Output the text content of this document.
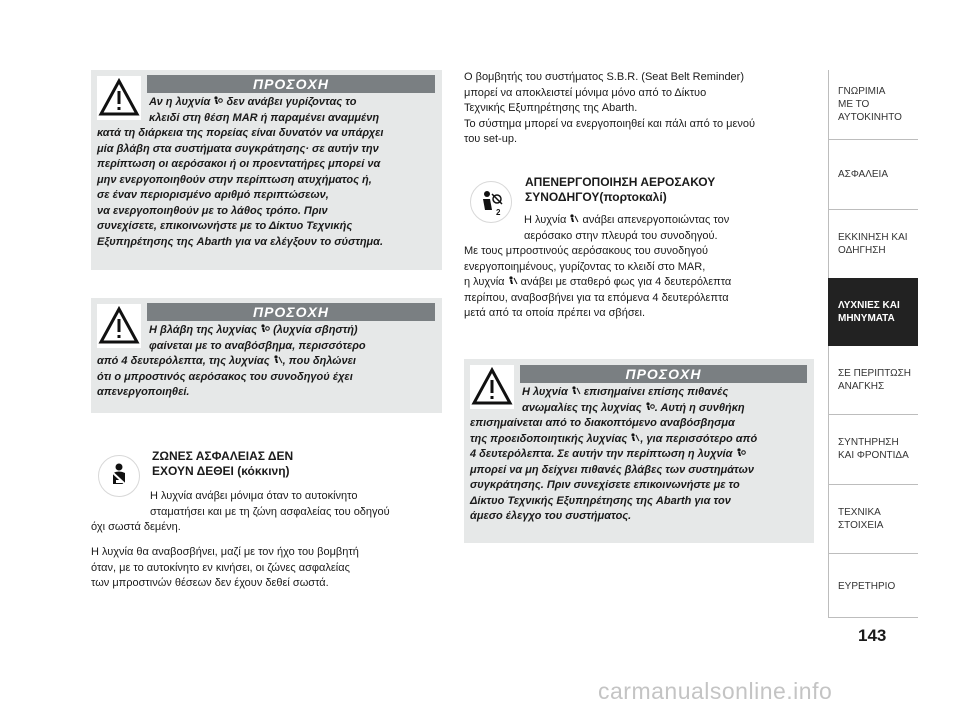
ΠΡΟΣΟΧΗ
Αν η λυχνία δεν ανάβει γυρίζοντας το
κλειδί στη θέση MAR ή παραμένει αναμμένη
κατά τη διάρκεια της πορείας είναι δυνατόν να υπάρχει
μία βλάβη στα συστήματα συγκράτησης· σε αυτήν την
περίπτωση οι αερόσακοι ή οι προεντατήρες μπορεί να
μην ενεργοποιηθούν στην περίπτωση ατυχήματος ή,
σε έναν περιορισμένο αριθμό περιπτώσεων,
να ενεργοποιηθούν με το λάθος τρόπο. Πριν
συνεχίσετε, επικοινωνήστε με το Δίκτυο Τεχνικής
Εξυπηρέτησης της Abarth για να ελέγξουν το σύστημα.
ΠΡΟΣΟΧΗ
Η βλάβη της λυχνίας (λυχνία σβηστή)
φαίνεται με το αναβόσβημα, περισσότερο
από 4 δευτερόλεπτα, της λυχνίας , που δηλώνει
ότι ο μπροστινός αερόσακος του συνοδηγού έχει
απενεργοποιηθεί.
ΖΩΝΕΣ ΑΣΦΑΛΕΙΑΣ ΔΕΝ
ΕΧΟΥΝ ΔΕΘΕΙ (κόκκινη)
Η λυχνία ανάβει μόνιμα όταν το αυτοκίνητο
σταματήσει και με τη ζώνη ασφαλείας του οδηγού
όχι σωστά δεμένη.
Η λυχνία θα αναβοσβήνει, μαζί με τον ήχο του βομβητή
όταν, με το αυτοκίνητο εν κινήσει, οι ζώνες ασφαλείας
των μπροστινών θέσεων δεν έχουν δεθεί σωστά.
Ο βομβητής του συστήματος S.B.R. (Seat Belt Reminder)
μπορεί να αποκλειστεί μόνιμα μόνο από το Δίκτυο
Τεχνικής Εξυπηρέτησης της Abarth.
Το σύστημα μπορεί να ενεργοποιηθεί και πάλι από το μενού
του set-up.
2
ΑΠΕΝΕΡΓΟΠΟΙΗΣΗ ΑΕΡΟΣΑΚΟΥ
ΣΥΝΟΔΗΓΟΥ(πορτοκαλί)
Η λυχνία ανάβει απενεργοποιώντας τον
αερόσακο στην πλευρά του συνοδηγού.
Με τους μπροστινούς αερόσακους του συνοδηγού
ενεργοποιημένους, γυρίζοντας το κλειδί στο MAR,
η λυχνία ανάβει με σταθερό φως για 4 δευτερόλεπτα
περίπου, αναβοσβήνει για τα επόμενα 4 δευτερόλεπτα
μετά από τα οποία πρέπει να σβήσει.
ΠΡΟΣΟΧΗ
Η λυχνία επισημαίνει επίσης πιθανές
ανωμαλίες της λυχνίας . Αυτή η συνθήκη
επισημαίνεται από το διακοπτόμενο αναβόσβησμα
της προειδοποιητικής λυχνίας , για περισσότερο από
4 δευτερόλεπτα. Σε αυτήν την περίπτωση η λυχνία
μπορεί να μη δείχνει πιθανές βλάβες των συστημάτων
συγκράτησης. Πριν συνεχίσετε επικοινωνήστε με το
Δίκτυο Τεχνικής Εξυπηρέτησης της Abarth για τον
άμεσο έλεγχο του συστήματος.
ΓΝΩΡΙΜΙΑ
ΜΕ ΤΟ
ΑΥΤΟΚΙΝΗΤΟ
ΑΣΦΑΛΕΙΑ
ΕΚΚΙΝΗΣΗ ΚΑΙ
ΟΔΗΓΗΣΗ
ΛΥΧΝΙΕΣ ΚΑΙ
ΜΗΝΥΜΑΤΑ
ΣΕ ΠΕΡΙΠΤΩΣΗ
ΑΝΑΓΚΗΣ
ΣΥΝΤΗΡΗΣΗ
ΚΑΙ ΦΡΟΝΤΙΔΑ
ΤΕΧΝΙΚΑ
ΣΤΟΙΧΕΙΑ
ΕΥΡΕΤΗΡΙΟ
143
carmanualsonline.info
